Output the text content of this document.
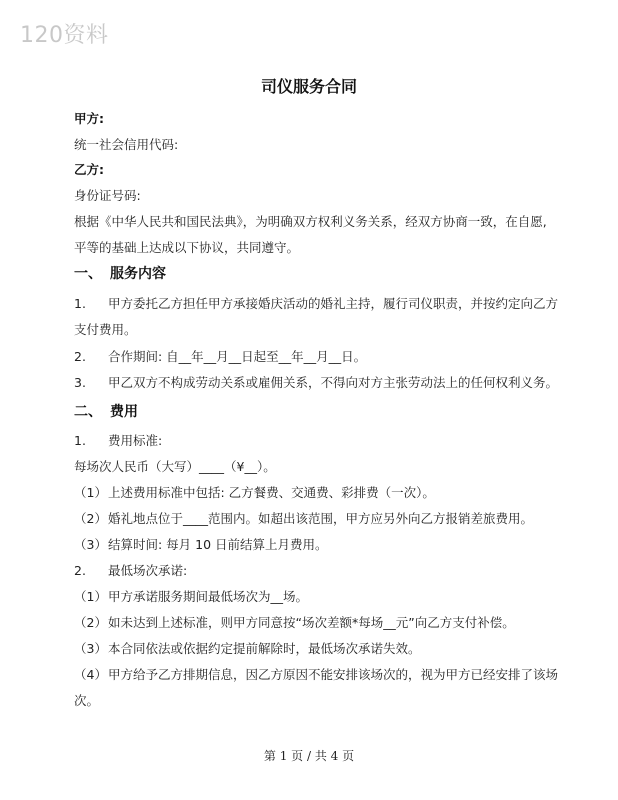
120资料
司仪服务合同
甲方:
统一社会信用代码:
乙方:
身份证号码:
根据《中华人民共和国民法典》，为明确双方权利义务关系，经双方协商一致，在自愿,
平等的基础上达成以下协议，共同遵守。
一、 服务内容
1. 甲方委托乙方担任甲方承接婚庆活动的婚礼主持，履行司仪职责，并按约定向乙方
支付费用。
2. 合作期间: 自__年__月__日起至__年__月__日。
3. 甲乙双方不构成劳动关系或雇佣关系，不得向对方主张劳动法上的任何权利义务。
二、 费用
1. 费用标准:
每场次人民币（大写）____（¥__）。
（1）上述费用标准中包括: 乙方餐费、交通费、彩排费（一次）。
（2）婚礼地点位于____范围内。如超出该范围，甲方应另外向乙方报销差旅费用。
（3）结算时间: 每月 10 日前结算上月费用。
2. 最低场次承诺:
（1）甲方承诺服务期间最低场次为__场。
（2）如未达到上述标准，则甲方同意按“场次差额*每场__元”向乙方支付补偿。
（3）本合同依法或依据约定提前解除时，最低场次承诺失效。
（4）甲方给予乙方排期信息，因乙方原因不能安排该场次的，视为甲方已经安排了该场
次。
第 1 页 / 共 4 页
